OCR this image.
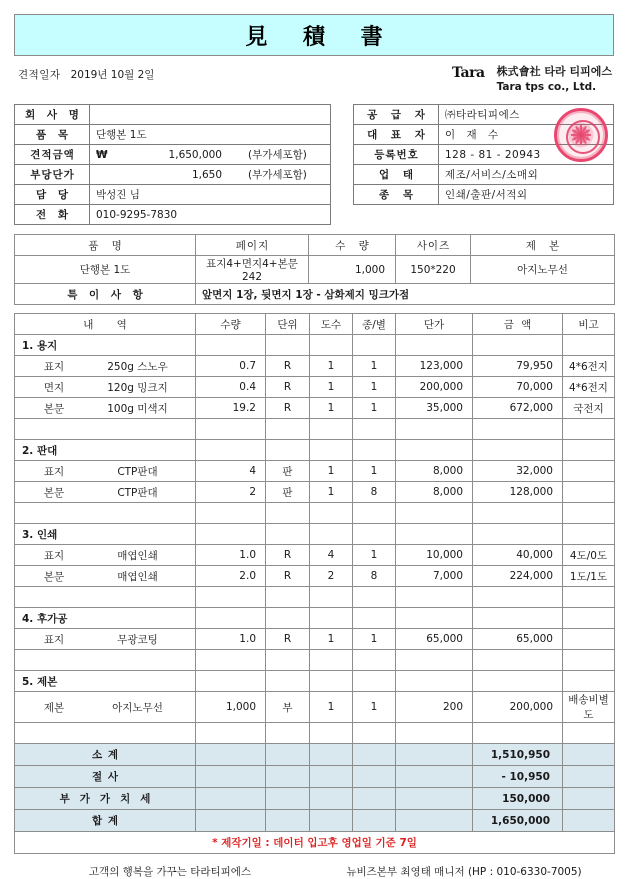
見 積 書
견적일자 2019년 10월 2일	Tara 株式會社 타라 티피에스
Tara tps co., Ltd.
회 사 명	
품 목	단행본 1도
견적금액	₩ 1,650,000 (부가세포함)

부당단가	1,650 (부가세포함)

담 당	박성진 님
전 화	010-9295-7830
공 급 자	㈜타라티피에스
대 표 자	이 재 수
등록번호	128 - 81 - 20943
업 태	제조/서비스/소매외
종 목	인쇄/출판/서적외
품 명	페이지	수 량	사이즈	제 본
단행본 1도	표지4+면지4+본문242	1,000	150*220	아지노무선
특 이 사 항	앞면지 1장, 뒷면지 1장 - 삼화제지 밍크가점			
내 역	수량	단위	도수	종/별	단가	금 액	비고
1. 용지							

표지 250g 스노우	0.7	R	1	1	123,000	79,950	4*6전지

면지 120g 밍크지	0.4	R	1	1	200,000	70,000	4*6전지

본문 100g 미색지	19.2	R	1	1	35,000	672,000	국전지

2. 판대							

표지 CTP판대	4	판	1	1	8,000	32,000	

본문 CTP판대	2	판	1	8	8,000	128,000	

3. 인쇄							

표지 매엽인쇄	1.0	R	4	1	10,000	40,000	4도/0도

본문 매엽인쇄	2.0	R	2	8	7,000	224,000	1도/1도

4. 후가공							

표지 무광코팅	1.0	R	1	1	65,000	65,000	

5. 제본							

제본 아지노무선	1,000	부	1	1	200	200,000	배송비별도

소 계						1,510,950	
절 사						- 10,950	
부가가치세						150,000	
합 계						1,650,000	
* 제작기일 : 데이터 입고후 영업일 기준 7일							
고객의 행복을 가꾸는 타라티피에스	뉴비즈본부 최영태 매니저 (HP : 010-6330-7005)
